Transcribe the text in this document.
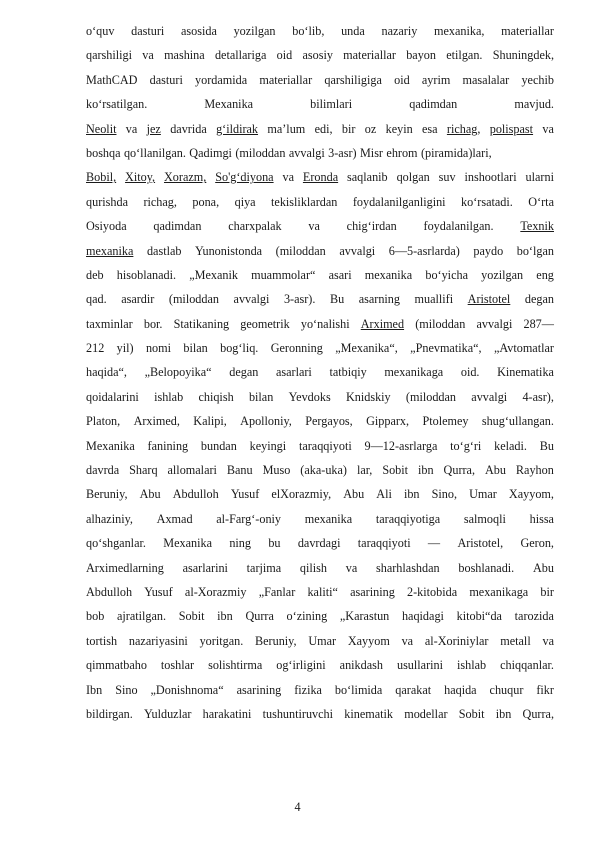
o‘quv dasturi asosida yozilgan bo‘lib, unda nazariy mexanika, materiallar
qarshiligi va mashina detallariga oid asosiy materiallar bayon etilgan. Shuningdek,
MathCAD dasturi yordamida materiallar qarshiligiga oid ayrim masalalar yechib
ko‘rsatilgan.	Mexanika	bilimlari	qadimdan	mavjud.
Neolit va jez davrida g‘ildirak ma’lum edi, bir oz keyin esa richag, polispast va
boshqa qo‘llanilgan. Qadimgi (miloddan avvalgi 3-asr) Misr ehrom (piramida)lari,
Bobil, Xitoy, Xorazm, So'g‘diyona va Eronda saqlanib qolgan suv inshootlari ularni
qurishda richag, pona, qiya tekisliklardan foydalanilganligini ko‘rsatadi. O‘rta
Osiyoda qadimdan charxpalak va chig‘irdan foydalanilgan. Texnik
mexanika dastlab Yunonistonda (miloddan avvalgi 6—5-asrlarda) paydo bo‘lgan
deb hisoblanadi. „Mexanik muammolar“ asari mexanika bo‘yicha yozilgan eng
qad. asardir (miloddan avvalgi 3-asr). Bu asarning muallifi Aristotel degan
taxminlar bor. Statikaning geometrik yo‘nalishi Arximed (miloddan avvalgi 287—
212 yil) nomi bilan bog‘liq. Geronning „Mexanika“, „Pnevmatika“, „Avtomatlar
haqida“, „Belopoyika“ degan asarlari tatbiqiy mexanikaga oid. Kinematika
qoidalarini ishlab chiqish bilan Yevdoks Knidskiy (miloddan avvalgi 4-asr),
Platon, Arximed, Kalipi, Apolloniy, Pergayos, Gipparx, Ptolemey shug‘ullangan.
Mexanika fanining bundan keyingi taraqqiyoti 9—12-asrlarga to‘g‘ri keladi. Bu
davrda Sharq allomalari Banu Muso (aka-uka) lar, Sobit ibn Qurra, Abu Rayhon
Beruniy, Abu Abdulloh Yusuf elXorazmiy, Abu Ali ibn Sino, Umar Xayyom,
alhaziniy, Axmad al-Farg‘-oniy mexanika taraqqiyotiga salmoqli hissa
qo‘shganlar. Mexanika ning bu davrdagi taraqqiyoti — Aristotel, Geron,
Arximedlarning asarlarini tarjima qilish va sharhlashdan boshlanadi. Abu
Abdulloh Yusuf al-Xorazmiy „Fanlar kaliti“ asarining 2-kitobida mexanikaga bir
bob ajratilgan. Sobit ibn Qurra o‘zining „Karastun haqidagi kitobi“da tarozida
tortish nazariyasini yoritgan. Beruniy, Umar Xayyom va al-Xoriniylar metall va
qimmatbaho toshlar solishtirma og‘irligini anikdash usullarini ishlab chiqqanlar.
Ibn Sino „Donishnoma“ asarining fizika bo‘limida qarakat haqida chuqur fikr
bildirgan. Yulduzlar harakatini tushuntiruvchi kinematik modellar Sobit ibn Qurra,
4
